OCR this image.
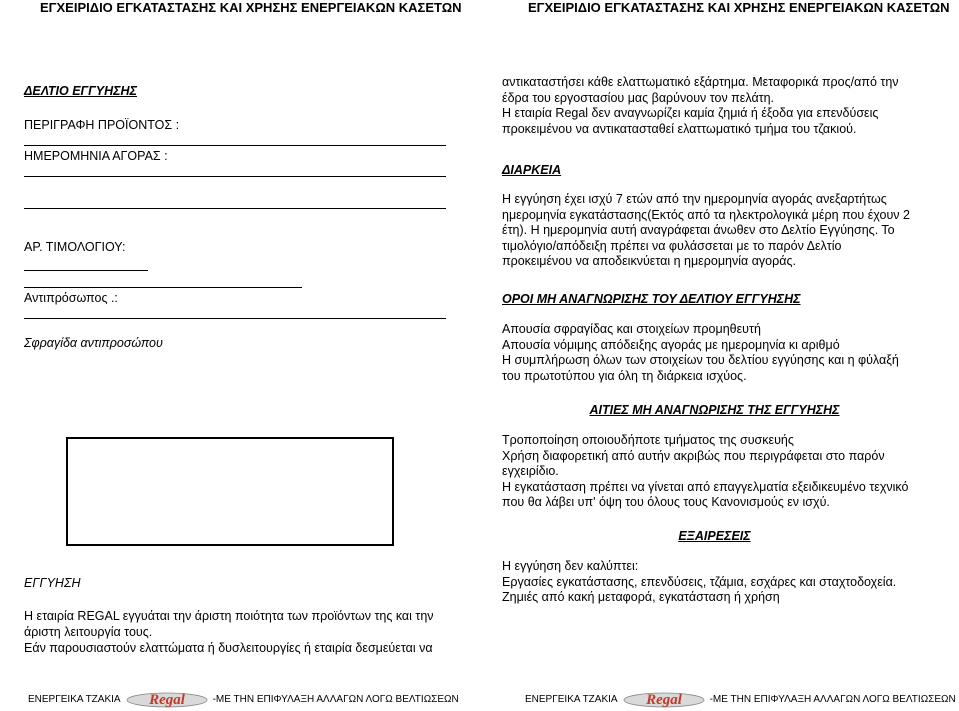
ΕΓΧΕΙΡΙΔΙΟ ΕΓΚΑΤΑΣΤΑΣΗΣ ΚΑΙ ΧΡΗΣΗΣ ΕΝΕΡΓΕΙΑΚΩΝ ΚΑΣΕΤΩΝ	ΕΓΧΕΙΡΙΔΙΟ ΕΓΚΑΤΑΣΤΑΣΗΣ ΚΑΙ ΧΡΗΣΗΣ ΕΝΕΡΓΕΙΑΚΩΝ ΚΑΣΕΤΩΝ
ΔΕΛΤΙΟ ΕΓΓΥΗΣΗΣ
ΠΕΡΙΓΡΑΦΗ ΠΡΟΪΟΝΤΟΣ :
ΗΜΕΡΟΜΗΝΙΑ ΑΓΟΡΑΣ :
ΑΡ. ΤΙΜΟΛΟΓΙΟΥ:
Αντιπρόσωπος .:
Σφραγίδα αντιπροσώπου
ΕΓΓΥΗΣΗ
Η εταιρία REGAL εγγυάται την άριστη ποιότητα των προϊόντων της και την
άριστη λειτουργία τους.
Εάν παρουσιαστούν ελαττώματα ή δυσλειτουργίες ή εταιρία δεσμεύεται να
αντικαταστήσει κάθε ελαττωματικό εξάρτημα. Μεταφορικά προς/από την
έδρα του εργοστασίου μας βαρύνουν τον πελάτη.
Η εταιρία Regal δεν αναγνωρίζει καμία ζημιά ή έξοδα για επενδύσεις
προκειμένου να αντικατασταθεί ελαττωματικό τμήμα του τζακιού.
ΔΙΑΡΚΕΙΑ
Η εγγύηση έχει ισχύ 7 ετών από την ημερομηνία αγοράς ανεξαρτήτως
ημερομηνία εγκατάστασης(Εκτός από τα ηλεκτρολογικά μέρη που έχουν 2
έτη). Η ημερομηνία αυτή αναγράφεται άνωθεν στο Δελτίο Εγγύησης. Το
τιμολόγιο/απόδειξη πρέπει να φυλάσσεται με το παρόν Δελτίο
προκειμένου να αποδεικνύεται η ημερομηνία αγοράς.
ΟΡΟΙ ΜΗ ΑΝΑΓΝΩΡΙΣΗΣ ΤΟΥ ΔΕΛΤΙΟΥ ΕΓΓΥΗΣΗΣ
Απουσία σφραγίδας και στοιχείων προμηθευτή
Απουσία νόμιμης απόδειξης αγοράς με ημερομηνία κι αριθμό
Η συμπλήρωση όλων των στοιχείων του δελτίου εγγύησης και η φύλαξή
του πρωτοτύπου για όλη τη διάρκεια ισχύος.
ΑΙΤΙΕΣ ΜΗ ΑΝΑΓΝΩΡΙΣΗΣ ΤΗΣ ΕΓΓΥΗΣΗΣ
Τροποποίηση οποιουδήποτε τμήματος της συσκευής
Χρήση διαφορετική από αυτήν ακριβώς που περιγράφεται στο παρόν
εγχειρίδιο.
Η εγκατάσταση πρέπει να γίνεται από επαγγελματία εξειδικευμένο τεχνικό
που θα λάβει υπ' όψη του όλους τους Κανονισμούς εν ισχύ.
ΕΞΑΙΡΕΣΕΙΣ
Η εγγύηση δεν καλύπτει:
Εργασίες εγκατάστασης, επενδύσεις, τζάμια, εσχάρες και σταχτοδοχεία.
Ζημιές από κακή μεταφορά, εγκατάσταση ή χρήση
ΕΝΕΡΓΕΙΚΑ ΤΖΑΚΙΑ Regal	-ΜΕ ΤΗΝ ΕΠΙΦΥΛΑΞΗ ΑΛΛΑΓΩΝ ΛΟΓΩ ΒΕΛΤΙΩΣΕΩΝ	ΕΝΕΡΓΕΙΚΑ ΤΖΑΚΙΑ Regal	-ΜΕ ΤΗΝ ΕΠΙΦΥΛΑΞΗ ΑΛΛΑΓΩΝ ΛΟΓΩ ΒΕΛΤΙΩΣΕΩΝ
